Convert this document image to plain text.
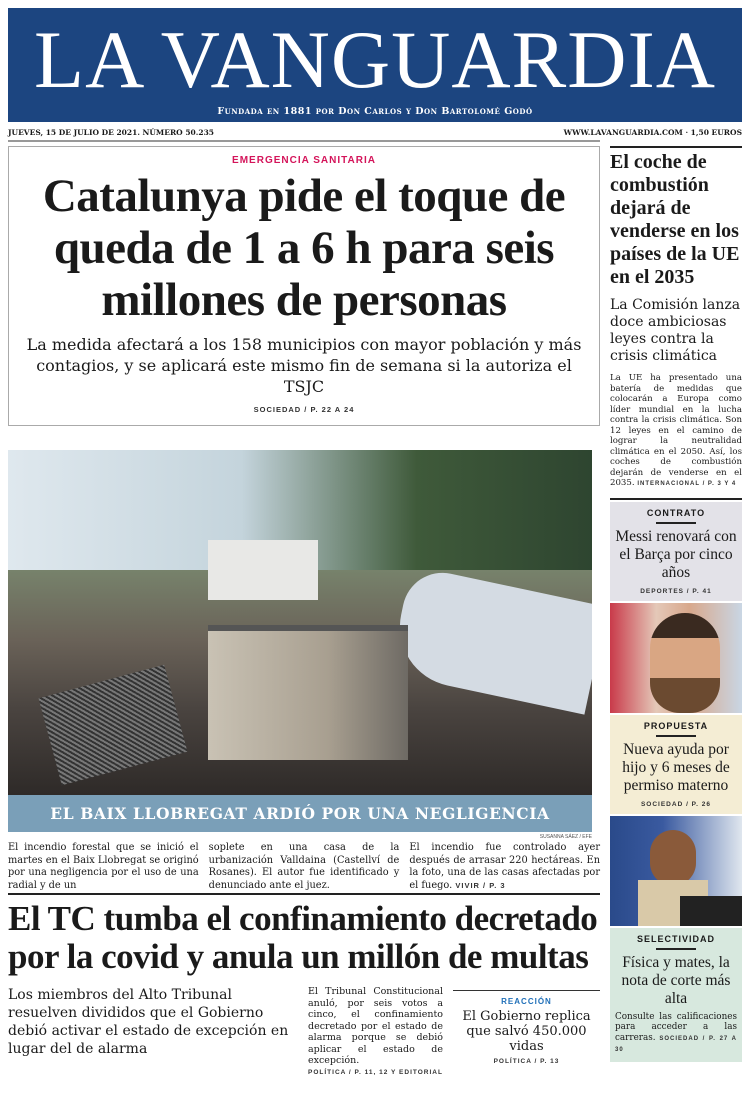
LA VANGUARDIA
Fundada en 1881 por Don Carlos y Don Bartolomé Godó
JUEVES, 15 DE JULIO DE 2021. NÚMERO 50.235	WWW.LAVANGUARDIA.COM · 1,50 EUROS
EMERGENCIA SANITARIA
Catalunya pide el toque de queda de 1 a 6 h para seis millones de personas

La medida afectará a los 158 municipios con mayor población y más contagios, y se aplicará este mismo fin de semana si la autoriza el TSJC

SOCIEDAD / P. 22 A 24
EL BAIX LLOBREGAT ARDIÓ POR UNA NEGLIGENCIA
SUSANNA SÁEZ / EFE
El incendio forestal que se inició el martes en el Baix Llobregat se originó por una negligencia por el uso de una radial y de un
soplete en una casa de la urbanización Valldaina (Castellví de Rosanes). El autor fue identificado y denunciado ante el juez.
El incendio fue controlado ayer después de arrasar 220 hectáreas. En la foto, una de las casas afectadas por el fuego. VIVIR / P. 3
El TC tumba el confinamiento decretado por la covid y anula un millón de multas
Los miembros del Alto Tribunal resuelven divididos que el Gobierno debió activar el estado de excepción en lugar del de alarma
El Tribunal Constitucional anuló, por seis votos a cinco, el confinamiento decretado por el estado de alarma porque se debió aplicar el estado de excepción.
POLÍTICA / P. 11, 12 Y EDITORIAL
REACCIÓN
El Gobierno replica que salvó 450.000 vidas
POLÍTICA / P. 13
El coche de combustión dejará de venderse en los países de la UE en el 2035
La Comisión lanza doce ambiciosas leyes contra la crisis climática
La UE ha presentado una batería de medidas que colocarán a Europa como líder mundial en la lucha contra la crisis climática. Son 12 leyes en el camino de lograr la neutralidad climática en el 2050. Así, los coches de combustión dejarán de venderse en el 2035. INTERNACIONAL / P. 3 Y 4
CONTRATO
Messi renovará con el Barça por cinco años
DEPORTES / P. 41
PROPUESTA
Nueva ayuda por hijo y 6 meses de permiso materno
SOCIEDAD / P. 26
SELECTIVIDAD
Física y mates, la nota de corte más alta
Consulte las calificaciones para acceder a las carreras. SOCIEDAD / P. 27 A 30
